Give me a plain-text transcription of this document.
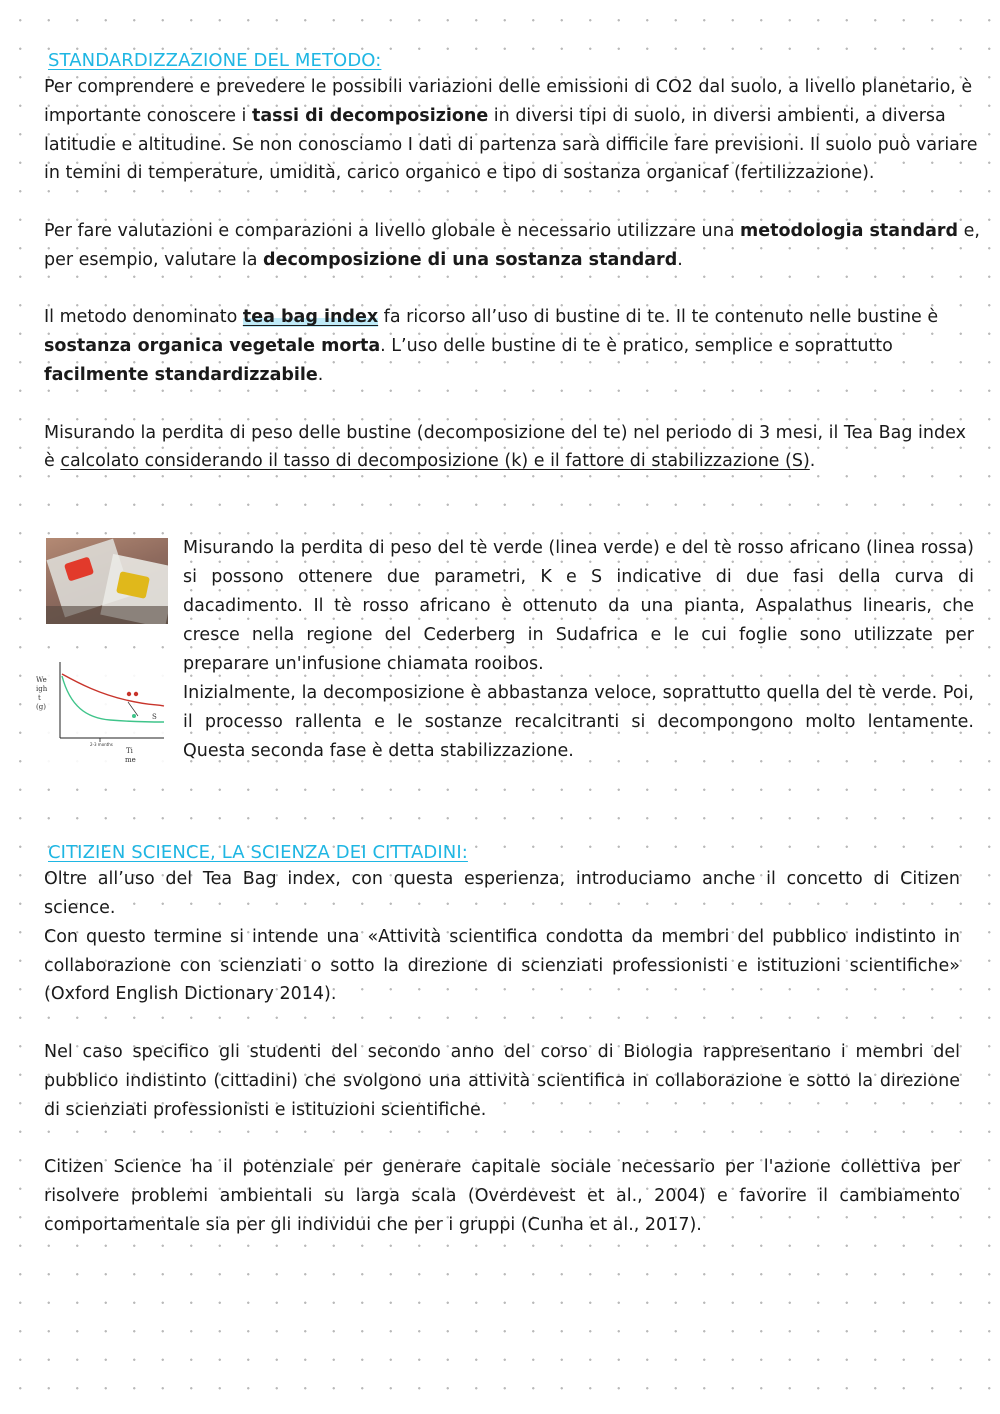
STANDARDIZZAZIONE DEL METODO:

Per comprendere e prevedere le possibili variazioni delle emissioni di CO2 dal suolo, a livello planetario, è importante conoscere i tassi di decomposizione in diversi tipi di suolo, in diversi ambienti, a diversa latitudie e altitudine. Se non conosciamo I dati di partenza sarà difficile fare previsioni. Il suolo può variare in temini di temperature, umidità, carico organico e tipo di sostanza organicaf (fertilizzazione).

Per fare valutazioni e comparazioni a livello globale è necessario utilizzare una metodologia standard e, per esempio, valutare la decomposizione di una sostanza standard.

Il metodo denominato tea bag index fa ricorso all’uso di bustine di te. Il te contenuto nelle bustine è sostanza organica vegetale morta. L’uso delle bustine di te è pratico, semplice e soprattutto facilmente standardizzabile.

Misurando la perdita di peso delle bustine (decomposizione del te) nel periodo di 3 mesi, il Tea Bag index è calcolato considerando il tasso di decomposizione (k) e il fattore di stabilizzazione (S).

We
igh
t
(g)
2-3 months
S
Ti
me

Misurando la perdita di peso del tè verde (linea verde) e del tè rosso africano (linea rossa) si possono ottenere due parametri, K e S indicative di due fasi della curva di dacadimento. Il tè rosso africano è ottenuto da una pianta, Aspalathus linearis, che cresce nella regione del Cederberg in Sudafrica e le cui foglie sono utilizzate per preparare un'infusione chiamata rooibos.

Inizialmente, la decomposizione è abbastanza veloce, soprattutto quella del tè verde. Poi, il processo rallenta e le sostanze recalcitranti si decompongono molto lentamente. Questa seconda fase è detta stabilizzazione.

CITIZIEN SCIENCE, LA SCIENZA DEI CITTADINI:

Oltre all’uso del Tea Bag index, con questa esperienza, introduciamo anche il concetto di Citizen science.

Con questo termine si intende una «Attività scientifica condotta da membri del pubblico indistinto in collaborazione con scienziati o sotto la direzione di scienziati professionisti e istituzioni scientifiche» (Oxford English Dictionary 2014).

Nel caso specifico gli studenti del secondo anno del corso di Biologia rappresentano i membri del pubblico indistinto (cittadini) che svolgono una attività scientifica in collaborazione e sotto la direzione di scienziati professionisti e istituzioni scientifiche.

Citizen Science ha il potenziale per generare capitale sociale necessario per l'azione collettiva per risolvere problemi ambientali su larga scala (Overdevest et al., 2004) e favorire il cambiamento comportamentale sia per gli individui che per i gruppi (Cunha et al., 2017).
